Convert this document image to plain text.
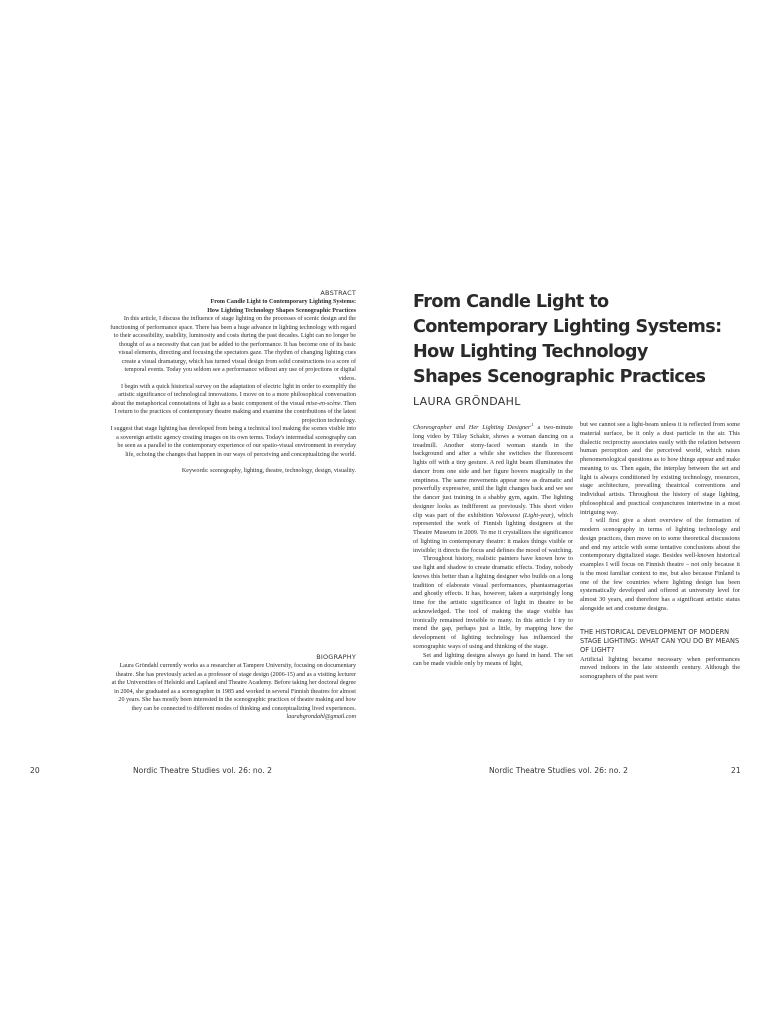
ABSTRACT
From Candle Light to Contemporary Lighting Systems:
How Lighting Technology Shapes Scenographic Practices

In this article, I discuss the influence of stage lighting on the processes of scenic design and the functioning of performance space. There has been a huge advance in lighting technology with regard to their accessibility, usability, luminosity and costs during the past decades. Light can no longer be thought of as a necessity that can just be added to the performance. It has become one of its basic visual elements, directing and focusing the spectators gaze. The rhythm of changing lighting cues create a visual dramaturgy, which has turned visual design from solid constructions to a score of temporal events. Today you seldom see a performance without any use of projections or digital videos.

I begin with a quick historical survey on the adaptation of electric light in order to exemplify the artistic significance of technological innovations. I move on to a more philosophical conversation about the metaphorical connotations of light as a basic component of the visual mise-en-scène. Then I return to the practices of contemporary theatre making and examine the contributions of the latest projection technology.

I suggest that stage lighting has developed from being a technical tool making the scenes visible into a sovereign artistic agency creating images on its own terms. Today's intermedial scenography can be seen as a parallel to the contemporary experience of our spatio-visual environment in everyday life, echoing the changes that happen in our ways of perceiving and conceptualizing the world.

Keywords: scenography, lighting, theatre, technology, design, visuality.
BIOGRAPHY

Laura Gröndahl currently works as a researcher at Tampere University, focusing on documentary theatre. She has previously acted as a professor of stage design (2006-15) and as a visiting lecturer at the Universities of Helsinki and Lapland and Theatre Academy. Before taking her doctoral degree in 2004, she graduated as a scenographer in 1985 and worked in several Finnish theatres for almost 20 years. She has mostly been interested in the scenographic practices of theatre making and how they can be connected to different modes of thinking and conceptualizing lived experiences.

laurahgrondahl@gmail.com
From Candle Light to
Contemporary Lighting Systems:
How Lighting Technology
Shapes Scenographic Practices
LAURA GRÖNDAHL

Choreographer and Her Lighting Designer$^{,1}$ a two-minute long video by Tülay Schakir, shows a woman dancing on a treadmill. Another stony-faced woman stands in the background and after a while she switches the fluorescent lights off with a tiny gesture. A red light beam illuminates the dancer from one side and her figure hovers magically in the emptiness. The same movements appear now as dramatic and powerfully expressive, until the light changes back and we see the dancer just training in a shabby gym, again. The lighting designer looks as indifferent as previously. This short video clip was part of the exhibition Valovuosi (Light-year), which represented the work of Finnish lighting designers at the Theatre Museum in 2009. To me it crystallizes the significance of lighting in contemporary theatre: it makes things visible or invisible; it directs the focus and defines the mood of watching.

Throughout history, realistic painters have known how to use light and shadow to create dramatic effects. Today, nobody knows this better than a lighting designer who builds on a long tradition of elaborate visual performances, phantasmagorias and ghostly effects. It has, however, taken a surprisingly long time for the artistic significance of light in theatre to be acknowledged. The tool of making the stage visible has ironically remained invisible to many. In this article I try to mend the gap, perhaps just a little, by mapping how the development of lighting technology has influenced the scenographic ways of using and thinking of the stage.

Set and lighting designs always go hand in hand. The set can be made visible only by means of light,

but we cannot see a light-beam unless it is reflected from some material surface, be it only a dust particle in the air. This dialectic reciprocity associates easily with the relation between human perception and the perceived world, which raises phenomenological questions as to how things appear and make meaning to us. Then again, the interplay between the set and light is always conditioned by existing technology, resources, stage architecture, prevailing theatrical conventions and individual artists. Throughout the history of stage lighting, philosophical and practical conjunctures intertwine in a most intriguing way.

I will first give a short overview of the formation of modern scenography in terms of lighting technology and design practices, then move on to some theoretical discussions and end my article with some tentative conclusions about the contemporary digitalized stage. Besides well-known historical examples I will focus on Finnish theatre – not only because it is the most familiar context to me, but also because Finland is one of the few countries where lighting design has been systematically developed and offered at university level for almost 30 years, and therefore has a significant artistic status alongside set and costume designs.

THE HISTORICAL DEVELOPMENT OF MODERN STAGE LIGHTING: WHAT CAN YOU DO BY MEANS OF LIGHT?

Artificial lighting became necessary when performances moved indoors in the late sixteenth century. Although the scenographers of the past were

20	Nordic Theatre Studies vol. 26: no. 2	Nordic Theatre Studies vol. 26: no. 2	21
